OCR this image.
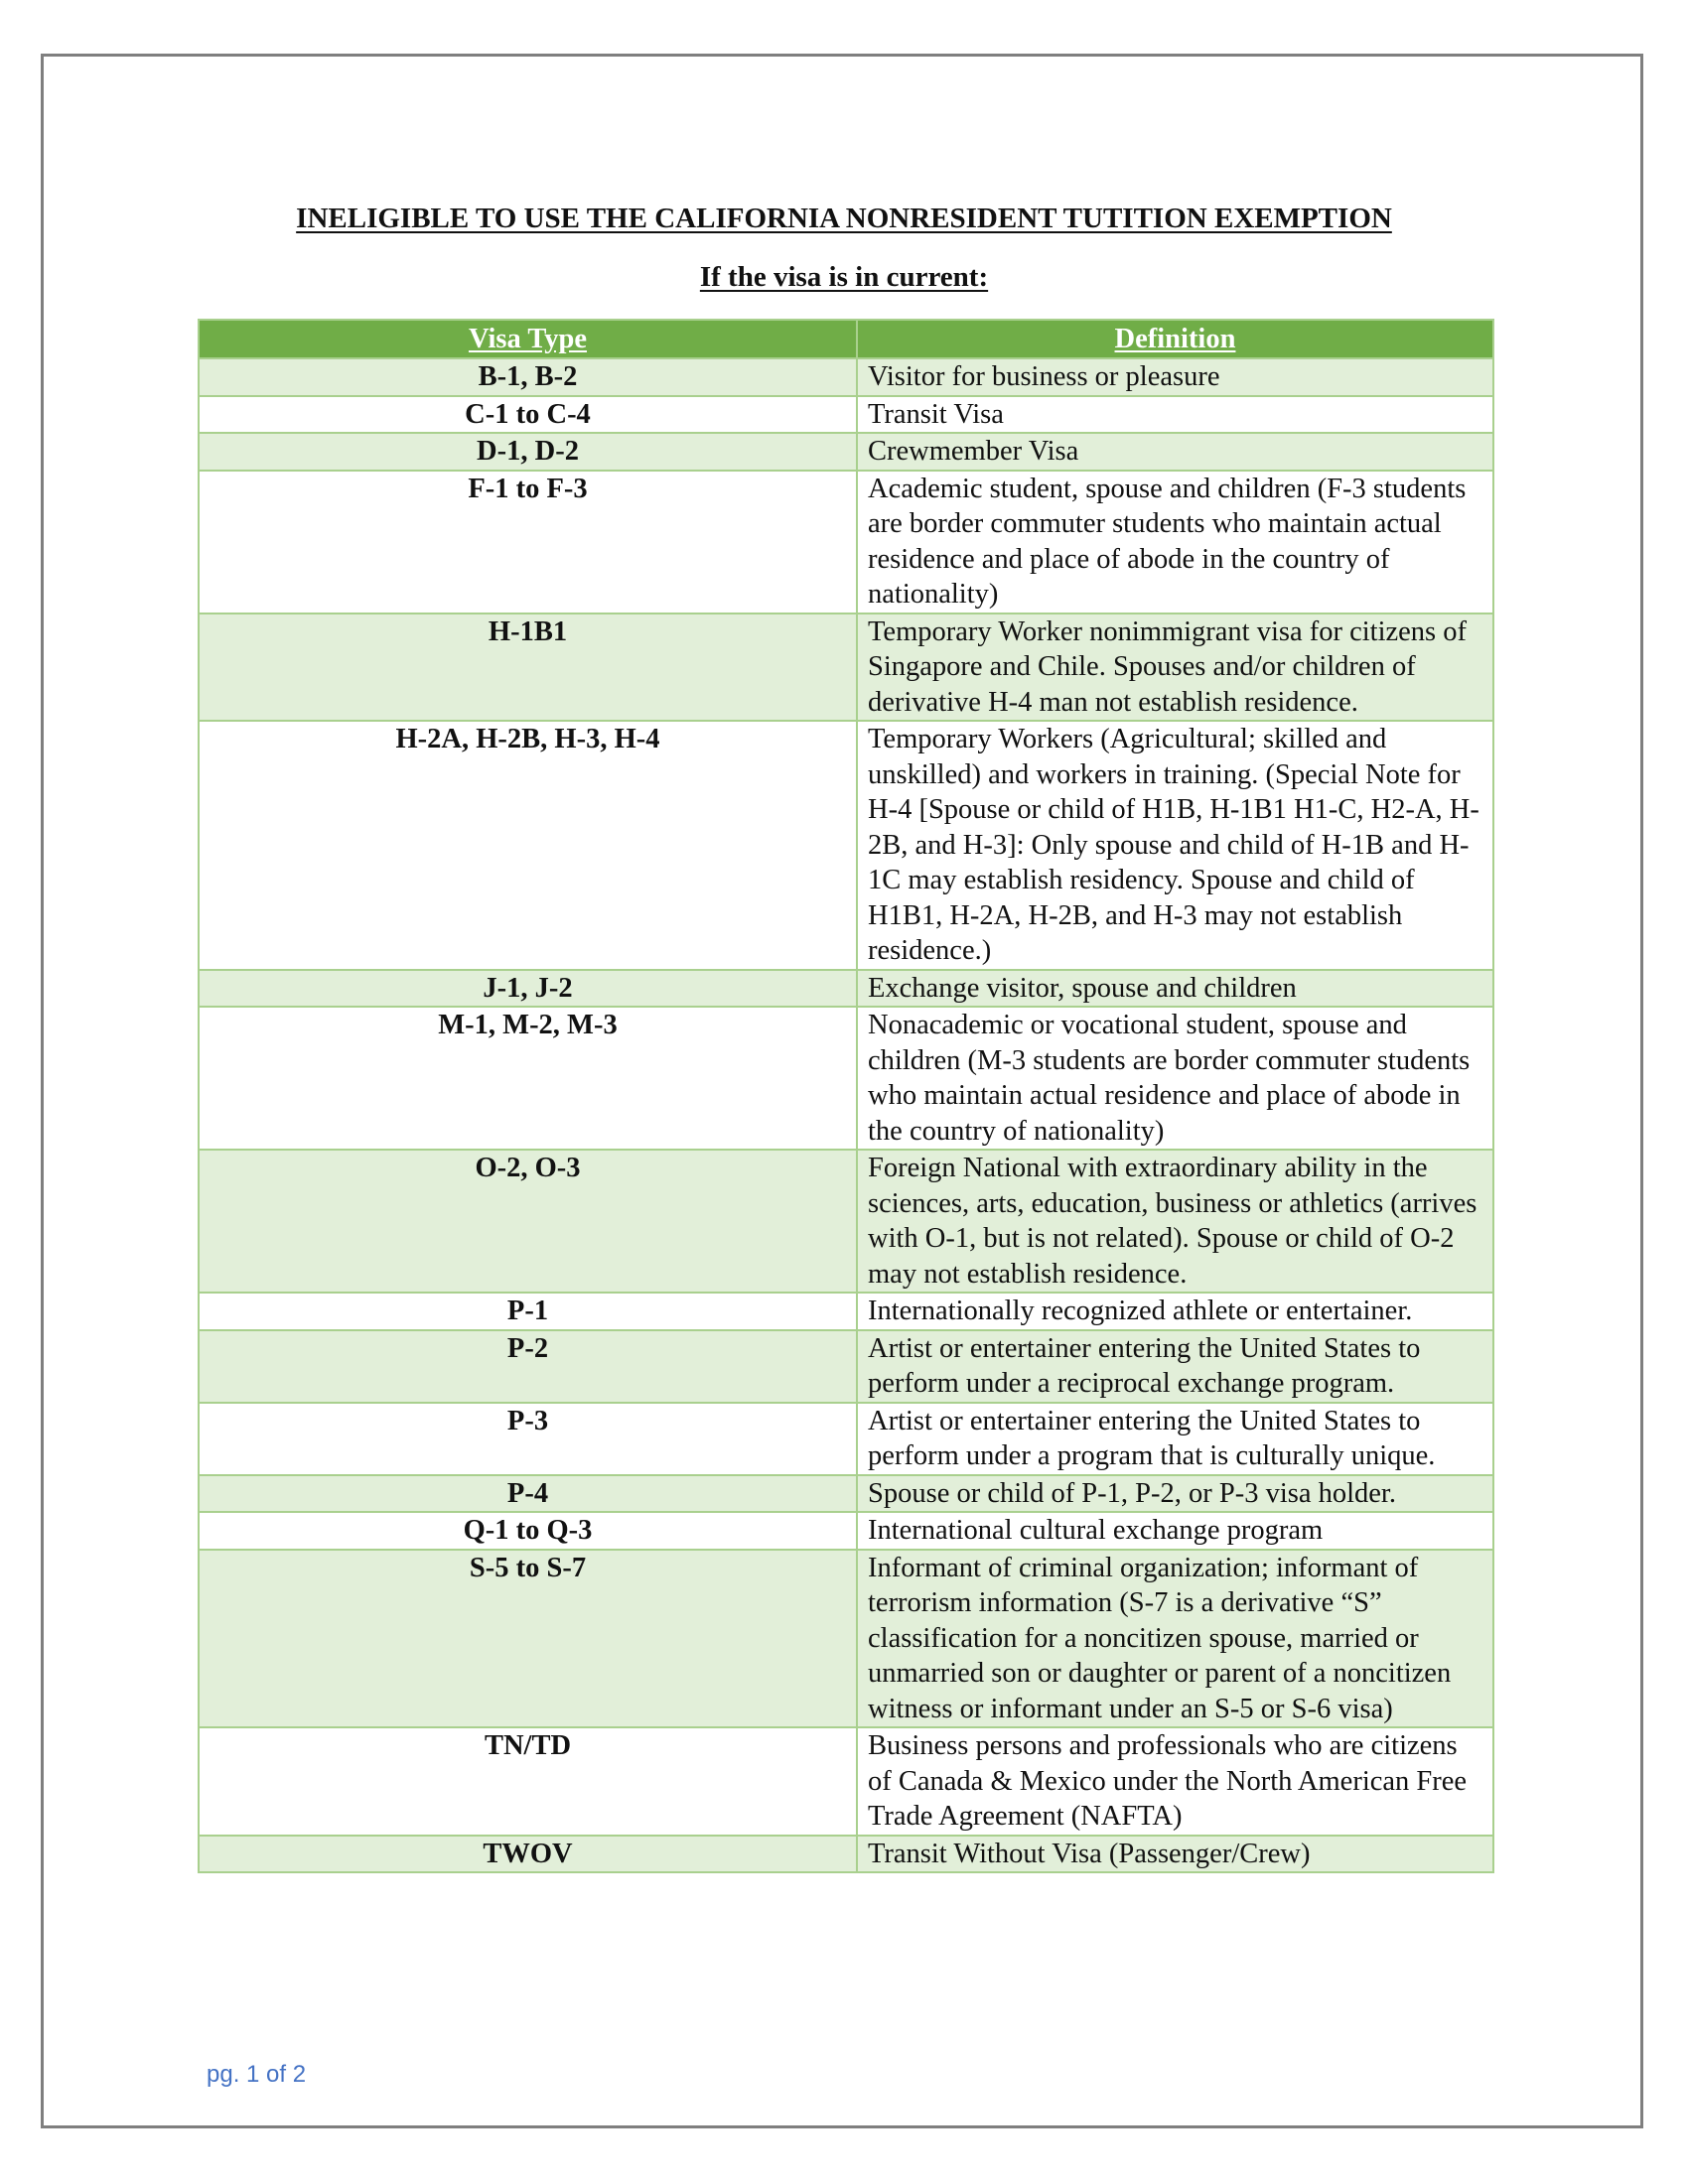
INELIGIBLE TO USE THE CALIFORNIA NONRESIDENT TUTITION EXEMPTION
If the visa is in current:
Visa Type	Definition
B-1, B-2	Visitor for business or pleasure
C-1 to C-4	Transit Visa
D-1, D-2	Crewmember Visa
F-1 to F-3	Academic student, spouse and children (F-3 students are border commuter students who maintain actual residence and place of abode in the country of nationality)
H-1B1	Temporary Worker nonimmigrant visa for citizens of Singapore and Chile. Spouses and/or children of derivative H-4 man not establish residence.
H-2A, H-2B, H-3, H-4	Temporary Workers (Agricultural; skilled and unskilled) and workers in training. (Special Note for H-4 [Spouse or child of H1B, H-1B1 H1-C, H2-A, H-2B, and H-3]: Only spouse and child of H-1B and H-1C may establish residency. Spouse and child of H1B1, H-2A, H-2B, and H-3 may not establish residence.)
J-1, J-2	Exchange visitor, spouse and children
M-1, M-2, M-3	Nonacademic or vocational student, spouse and children (M-3 students are border commuter students who maintain actual residence and place of abode in the country of nationality)
O-2, O-3	Foreign National with extraordinary ability in the sciences, arts, education, business or athletics (arrives with O-1, but is not related). Spouse or child of O-2 may not establish residence.
P-1	Internationally recognized athlete or entertainer.
P-2	Artist or entertainer entering the United States to perform under a reciprocal exchange program.
P-3	Artist or entertainer entering the United States to perform under a program that is culturally unique.
P-4	Spouse or child of P-1, P-2, or P-3 visa holder.
Q-1 to Q-3	International cultural exchange program
S-5 to S-7	Informant of criminal organization; informant of terrorism information (S-7 is a derivative “S” classification for a noncitizen spouse, married or unmarried son or daughter or parent of a noncitizen witness or informant under an S-5 or S-6 visa)
TN/TD	Business persons and professionals who are citizens of Canada & Mexico under the North American Free Trade Agreement (NAFTA)
TWOV	Transit Without Visa (Passenger/Crew)

pg. 1 of 2
